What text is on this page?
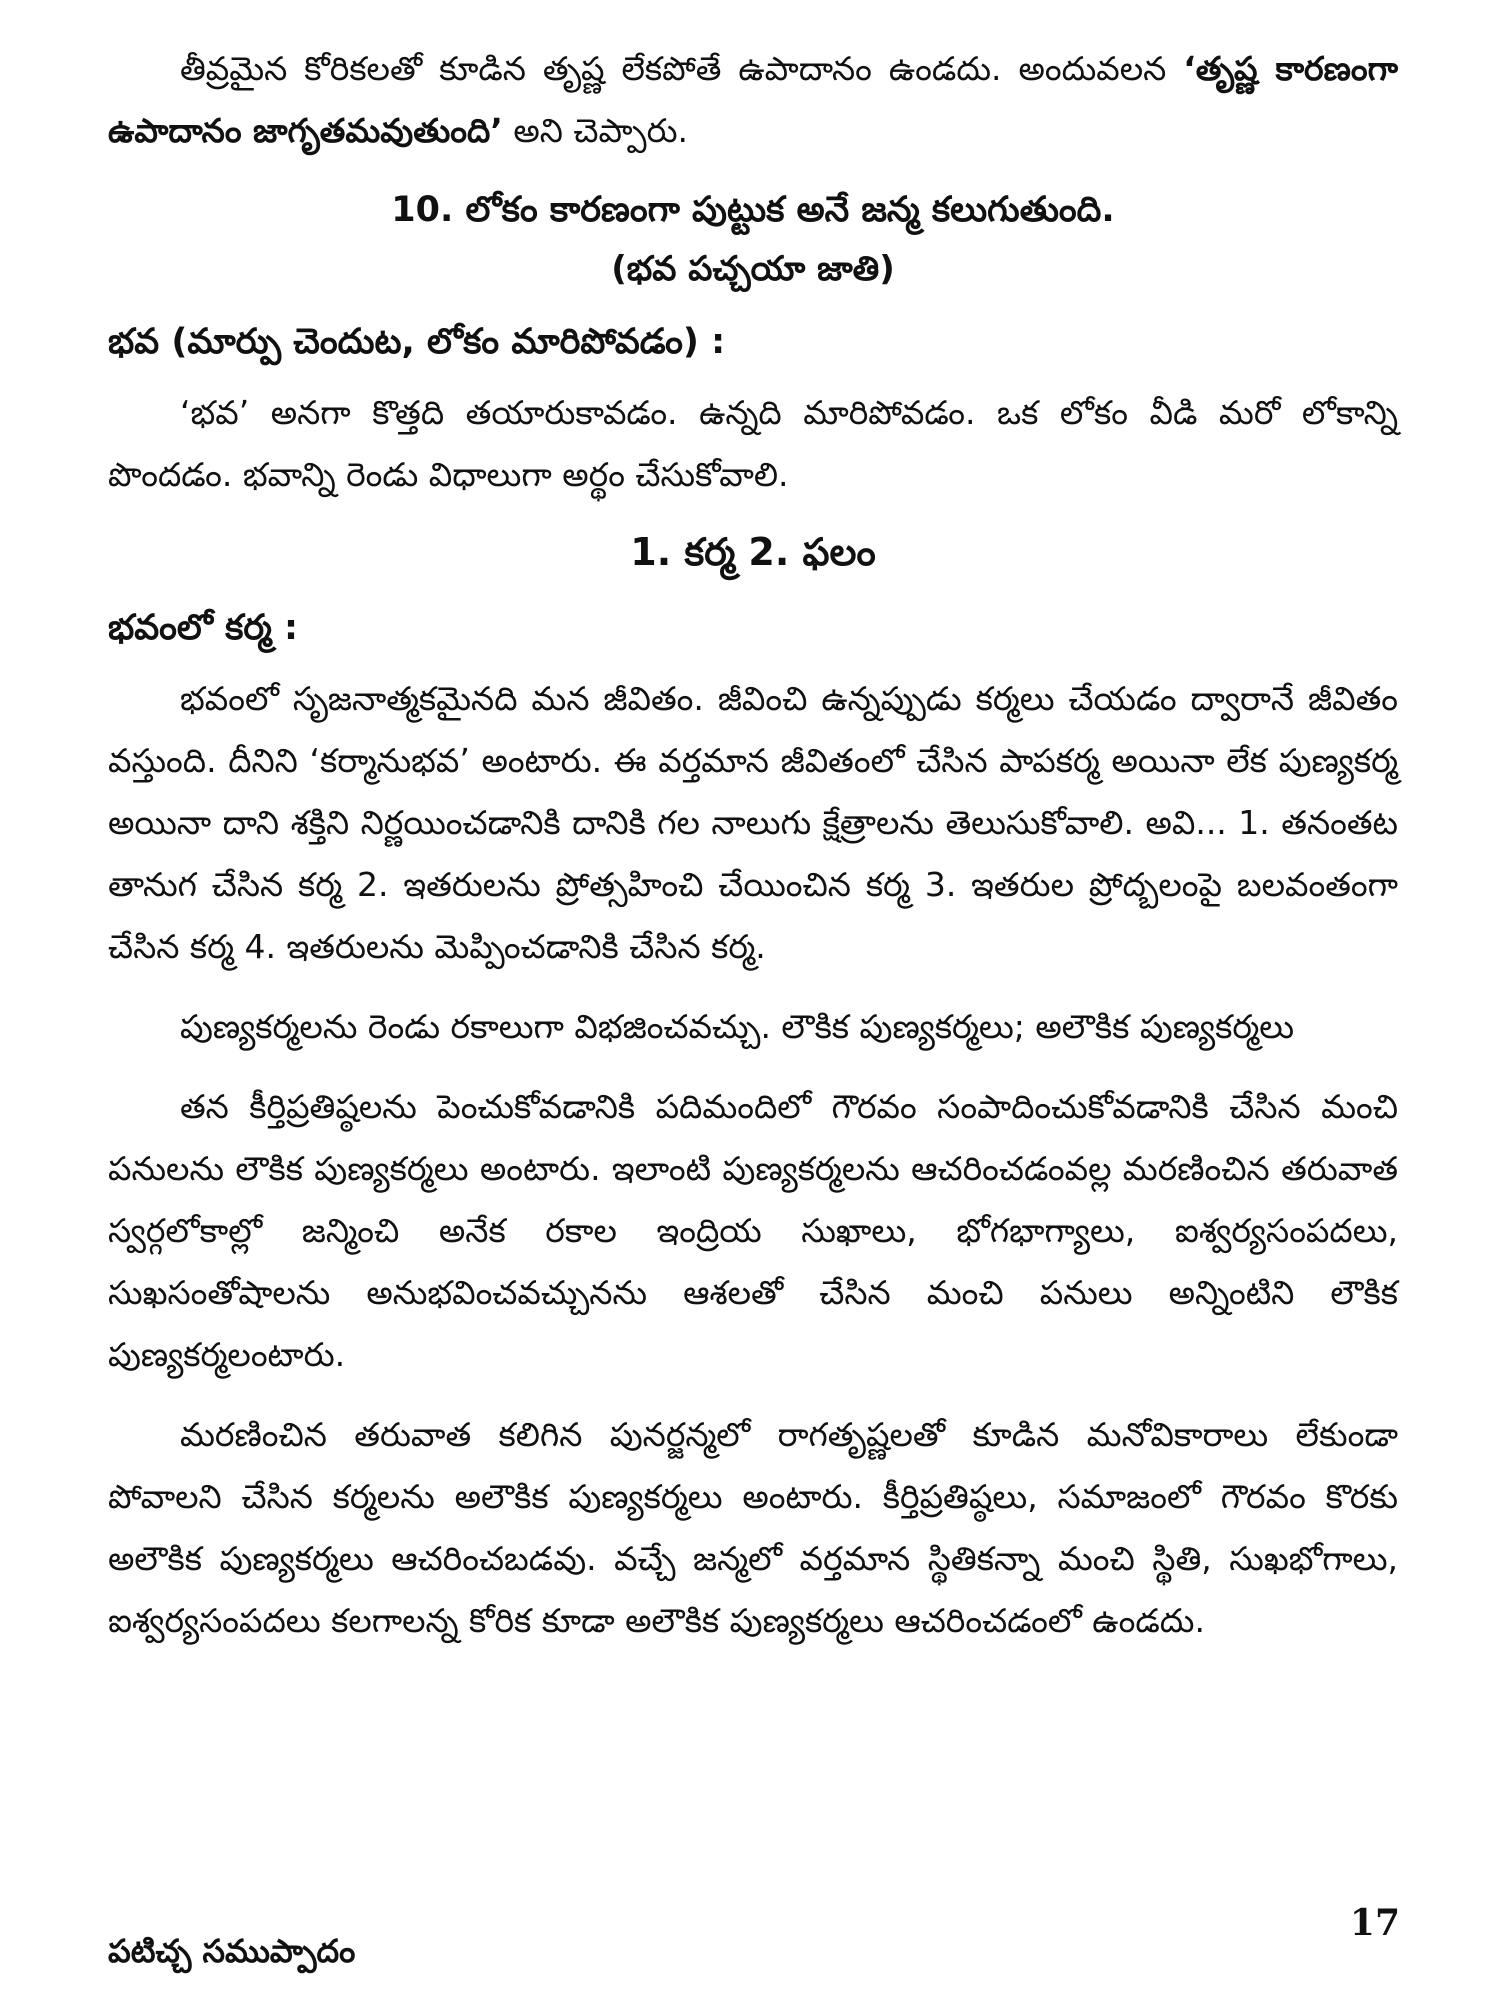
తీవ్రమైన కోరికలతో కూడిన తృష్ణ లేకపోతే ఉపాదానం ఉండదు. అందువలన ‘తృష్ణ కారణంగా ఉపాదానం జాగృతమవుతుంది’ అని చెప్పారు.

10. లోకం కారణంగా పుట్టుక అనే జన్మ కలుగుతుంది.
(భవ పచ్చయా జాతి)
భవ (మార్పు చెందుట, లోకం మారిపోవడం) :

‘భవ’ అనగా కొత్తది తయారుకావడం. ఉన్నది మారిపోవడం. ఒక లోకం వీడి మరో లోకాన్ని పొందడం. భవాన్ని రెండు విధాలుగా అర్థం చేసుకోవాలి.

1. కర్మ 2. ఫలం
భవంలో కర్మ :

భవంలో సృజనాత్మకమైనది మన జీవితం. జీవించి ఉన్నప్పుడు కర్మలు చేయడం ద్వారానే జీవితం వస్తుంది. దీనిని ‘కర్మానుభవ’ అంటారు. ఈ వర్తమాన జీవితంలో చేసిన పాపకర్మ అయినా లేక పుణ్యకర్మ అయినా దాని శక్తిని నిర్ణయించడానికి దానికి గల నాలుగు క్షేత్రాలను తెలుసుకోవాలి. అవి... 1. తనంతట తానుగ చేసిన కర్మ 2. ఇతరులను ప్రోత్సహించి చేయించిన కర్మ 3. ఇతరుల ప్రోద్బలంపై బలవంతంగా చేసిన కర్మ 4. ఇతరులను మెప్పించడానికి చేసిన కర్మ.

పుణ్యకర్మలను రెండు రకాలుగా విభజించవచ్చు. లౌకిక పుణ్యకర్మలు; అలౌకిక పుణ్యకర్మలు

తన కీర్తిప్రతిష్ఠలను పెంచుకోవడానికి పదిమందిలో గౌరవం సంపాదించుకోవడానికి చేసిన మంచి పనులను లౌకిక పుణ్యకర్మలు అంటారు. ఇలాంటి పుణ్యకర్మలను ఆచరించడంవల్ల మరణించిన తరువాత స్వర్గలోకాల్లో జన్మించి అనేక రకాల ఇంద్రియ సుఖాలు, భోగభాగ్యాలు, ఐశ్వర్యసంపదలు, సుఖసంతోషాలను అనుభవించవచ్చునను ఆశలతో చేసిన మంచి పనులు అన్నింటిని లౌకిక పుణ్యకర్మలంటారు.

మరణించిన తరువాత కలిగిన పునర్జన్మలో రాగతృష్ణలతో కూడిన మనోవికారాలు లేకుండా పోవాలని చేసిన కర్మలను అలౌకిక పుణ్యకర్మలు అంటారు. కీర్తిప్రతిష్ఠలు, సమాజంలో గౌరవం కొరకు అలౌకిక పుణ్యకర్మలు ఆచరించబడవు. వచ్చే జన్మలో వర్తమాన స్థితికన్నా మంచి స్థితి, సుఖభోగాలు, ఐశ్వర్యసంపదలు కలగాలన్న కోరిక కూడా అలౌకిక పుణ్యకర్మలు ఆచరించడంలో ఉండదు.

17
పటిచ్చ సముప్పాదం
